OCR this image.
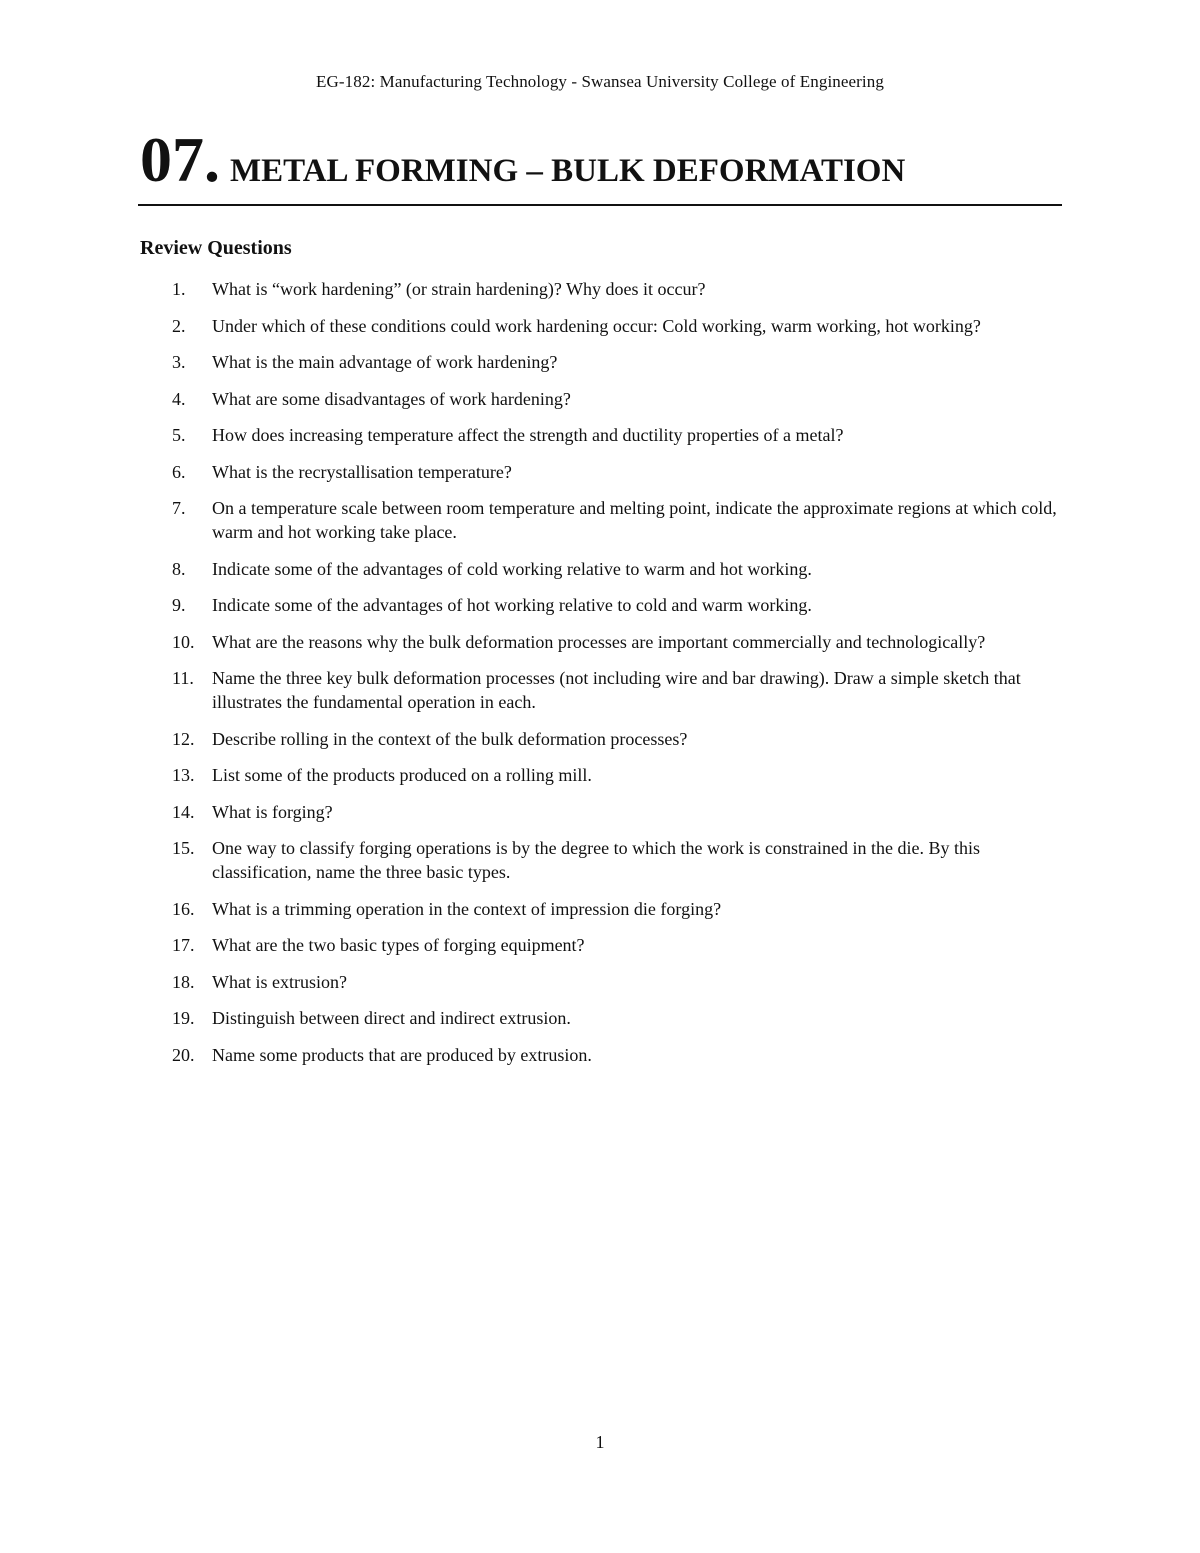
EG-182: Manufacturing Technology - Swansea University College of Engineering
07. METAL FORMING – BULK DEFORMATION
Review Questions
1.	What is “work hardening” (or strain hardening)? Why does it occur?
2.	Under which of these conditions could work hardening occur: Cold working, warm working, hot working?
3.	What is the main advantage of work hardening?
4.	What are some disadvantages of work hardening?
5.	How does increasing temperature affect the strength and ductility properties of a metal?
6.	What is the recrystallisation temperature?
7.	On a temperature scale between room temperature and melting point, indicate the approximate regions at which cold, warm and hot working take place.
8.	Indicate some of the advantages of cold working relative to warm and hot working.
9.	Indicate some of the advantages of hot working relative to cold and warm working.
10. What are the reasons why the bulk deformation processes are important commercially and technologically?
11.	Name the three key bulk deformation processes (not including wire and bar drawing). Draw a simple sketch that illustrates the fundamental operation in each.
12. Describe rolling in the context of the bulk deformation processes?
13. List some of the products produced on a rolling mill.
14. What is forging?
15. One way to classify forging operations is by the degree to which the work is constrained in the die. By this classification, name the three basic types.
16. What is a trimming operation in the context of impression die forging?
17. What are the two basic types of forging equipment?
18. What is extrusion?
19. Distinguish between direct and indirect extrusion.
20. Name some products that are produced by extrusion.
1
